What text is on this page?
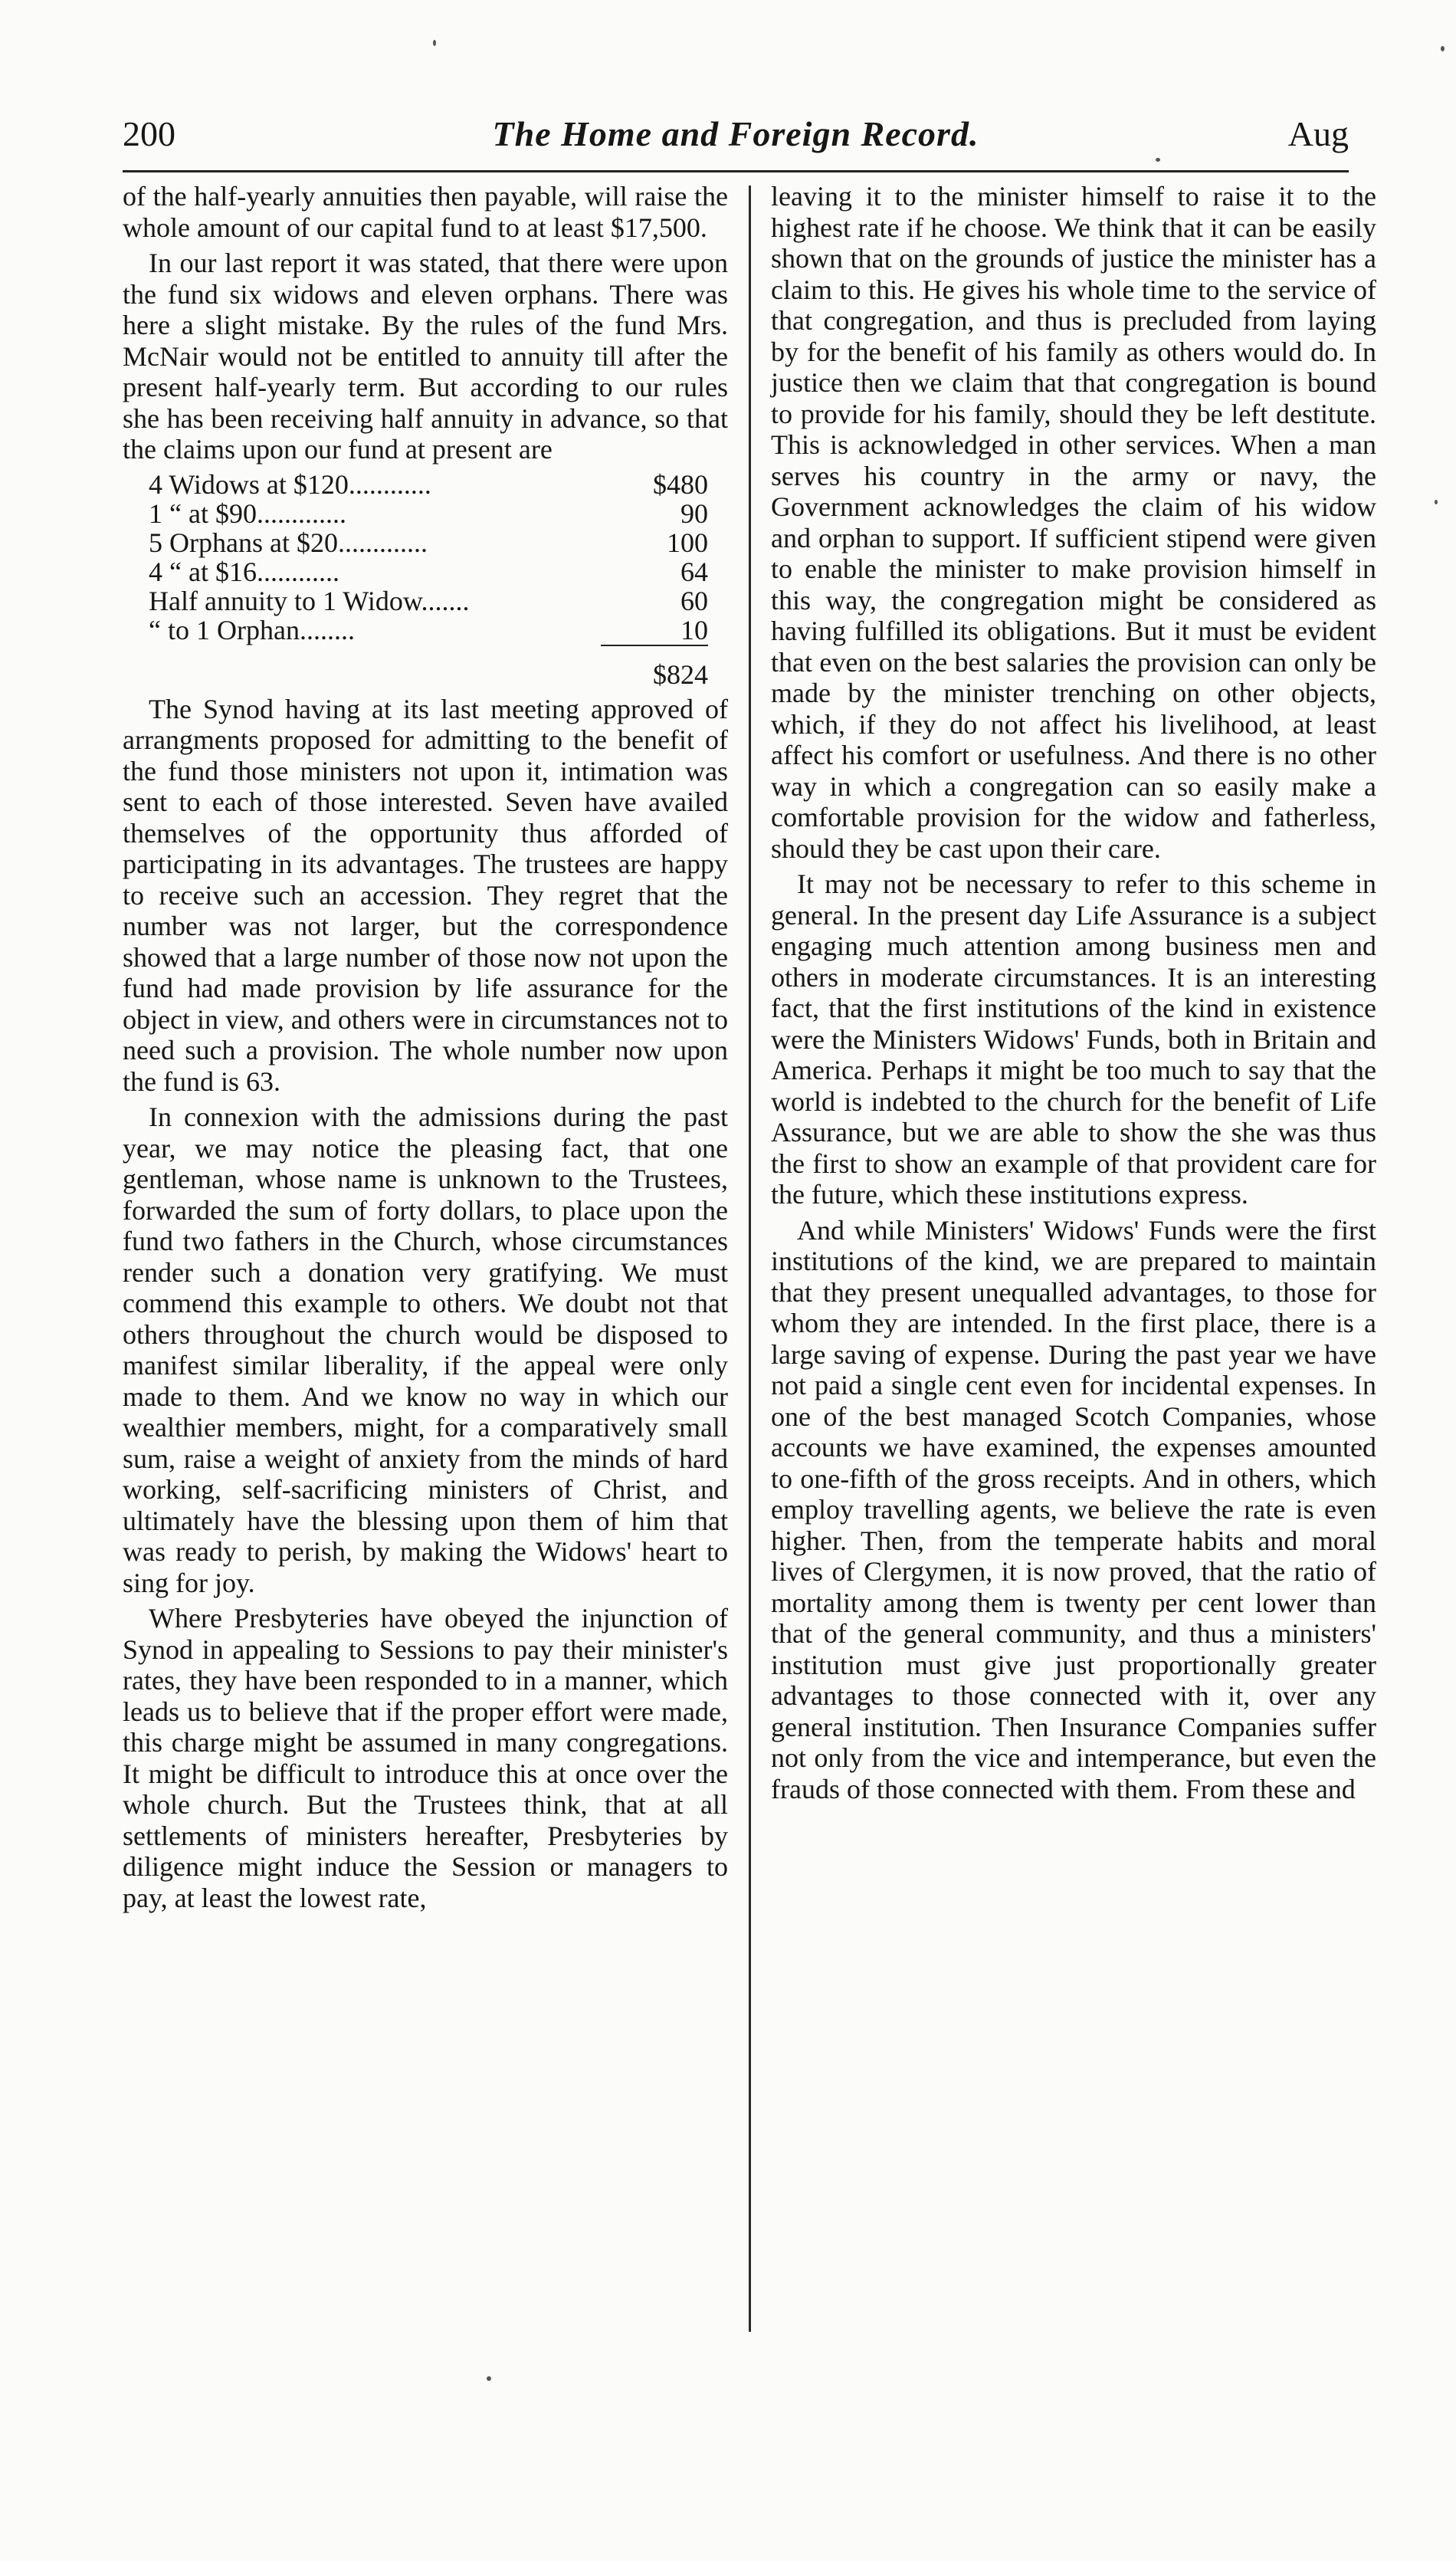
200	The Home and Foreign Record.	Aug

of the half-yearly annuities then payable, will raise the whole amount of our capital fund to at least $17,500.

In our last report it was stated, that there were upon the fund six widows and eleven orphans. There was here a slight mistake. By the rules of the fund Mrs. McNair would not be entitled to annuity till after the present half-yearly term. But according to our rules she has been receiving half annuity in advance, so that the claims upon our fund at present are

4 Widows at $120............	$480
1 “ at $90.............	90
5 Orphans at $20.............	100
4 “ at $16............	64
Half annuity to 1 Widow.......	60
“ to 1 Orphan........	10
	$824

The Synod having at its last meeting approved of arrangments proposed for admitting to the benefit of the fund those ministers not upon it, intimation was sent to each of those interested. Seven have availed themselves of the opportunity thus afforded of participating in its advantages. The trustees are happy to receive such an accession. They regret that the number was not larger, but the correspondence showed that a large number of those now not upon the fund had made provision by life assurance for the object in view, and others were in circumstances not to need such a provision. The whole number now upon the fund is 63.

In connexion with the admissions during the past year, we may notice the pleasing fact, that one gentleman, whose name is unknown to the Trustees, forwarded the sum of forty dollars, to place upon the fund two fathers in the Church, whose circumstances render such a donation very gratifying. We must commend this example to others. We doubt not that others throughout the church would be disposed to manifest similar liberality, if the appeal were only made to them. And we know no way in which our wealthier members, might, for a comparatively small sum, raise a weight of anxiety from the minds of hard working, self-sacrificing ministers of Christ, and ultimately have the blessing upon them of him that was ready to perish, by making the Widows' heart to sing for joy.

Where Presbyteries have obeyed the injunction of Synod in appealing to Sessions to pay their minister's rates, they have been responded to in a manner, which leads us to believe that if the proper effort were made, this charge might be assumed in many congregations. It might be difficult to introduce this at once over the whole church. But the Trustees think, that at all settlements of ministers hereafter, Presbyteries by diligence might induce the Session or managers to pay, at least the lowest rate,

leaving it to the minister himself to raise it to the highest rate if he choose. We think that it can be easily shown that on the grounds of justice the minister has a claim to this. He gives his whole time to the service of that congregation, and thus is precluded from laying by for the benefit of his family as others would do. In justice then we claim that that congregation is bound to provide for his family, should they be left destitute. This is acknowledged in other services. When a man serves his country in the army or navy, the Government acknowledges the claim of his widow and orphan to support. If sufficient stipend were given to enable the minister to make provision himself in this way, the congregation might be considered as having fulfilled its obligations. But it must be evident that even on the best salaries the provision can only be made by the minister trenching on other objects, which, if they do not affect his livelihood, at least affect his comfort or usefulness. And there is no other way in which a congregation can so easily make a comfortable provision for the widow and fatherless, should they be cast upon their care.

It may not be necessary to refer to this scheme in general. In the present day Life Assurance is a subject engaging much attention among business men and others in moderate circumstances. It is an interesting fact, that the first institutions of the kind in existence were the Ministers Widows' Funds, both in Britain and America. Perhaps it might be too much to say that the world is indebted to the church for the benefit of Life Assurance, but we are able to show the she was thus the first to show an example of that provident care for the future, which these institutions express.

And while Ministers' Widows' Funds were the first institutions of the kind, we are prepared to maintain that they present unequalled advantages, to those for whom they are intended. In the first place, there is a large saving of expense. During the past year we have not paid a single cent even for incidental expenses. In one of the best managed Scotch Companies, whose accounts we have examined, the expenses amounted to one-fifth of the gross receipts. And in others, which employ travelling agents, we believe the rate is even higher. Then, from the temperate habits and moral lives of Clergymen, it is now proved, that the ratio of mortality among them is twenty per cent lower than that of the general community, and thus a ministers' institution must give just proportionally greater advantages to those connected with it, over any general institution. Then Insurance Companies suffer not only from the vice and intemperance, but even the frauds of those connected with them. From these and
